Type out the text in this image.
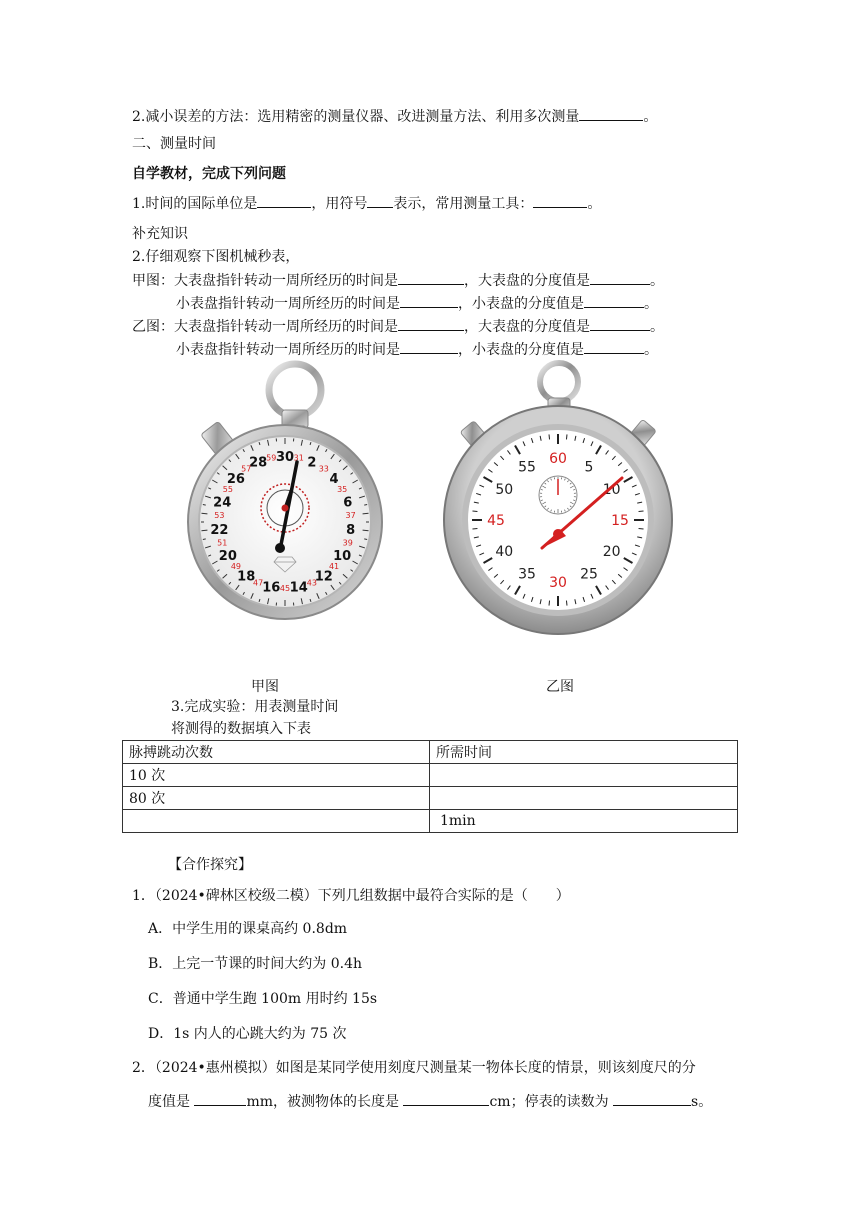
2.减小误差的方法：选用精密的测量仪器、改进测量方法、利用多次测量	。
二、测量时间
自学教材，完成下列问题
1.时间的国际单位是	，用符号 表示，常用测量工具：	。
补充知识
2.仔细观察下图机械秒表，
甲图：大表盘指针转动一周所经历的时间是	，大表盘的分度值是	。
小表盘指针转动一周所经历的时间是	，小表盘的分度值是	。
乙图：大表盘指针转动一周所经历的时间是	，大表盘的分度值是	。
小表盘指针转动一周所经历的时间是	，小表盘的分度值是	。
30 2
4
6
8
10
12
14
16
18
20
22
24
26
28	31
33
35
37
39
41
43
45
47
49
51
53
55
57
59	60
5
10
15
20
25
30
35
40
45
50
55
甲图	乙图
3.完成实验：用表测量时间
将测得的数据填入下表
脉搏跳动次数	所需时间
10 次	
80 次	
	1min
【合作探究】
1．（2024•碑林区校级二模）下列几组数据中最符合实际的是（　　）
A．中学生用的课桌高约 0.8dm
B．上完一节课的时间大约为 0.4h
C．普通中学生跑 100m 用时约 15s
D．1s 内人的心跳大约为 75 次
2．（2024•惠州模拟）如图是某同学使用刻度尺测量某一物体长度的情景，则该刻度尺的分
度值是	mm，被测物体的长度是	cm；停表的读数为	s。
